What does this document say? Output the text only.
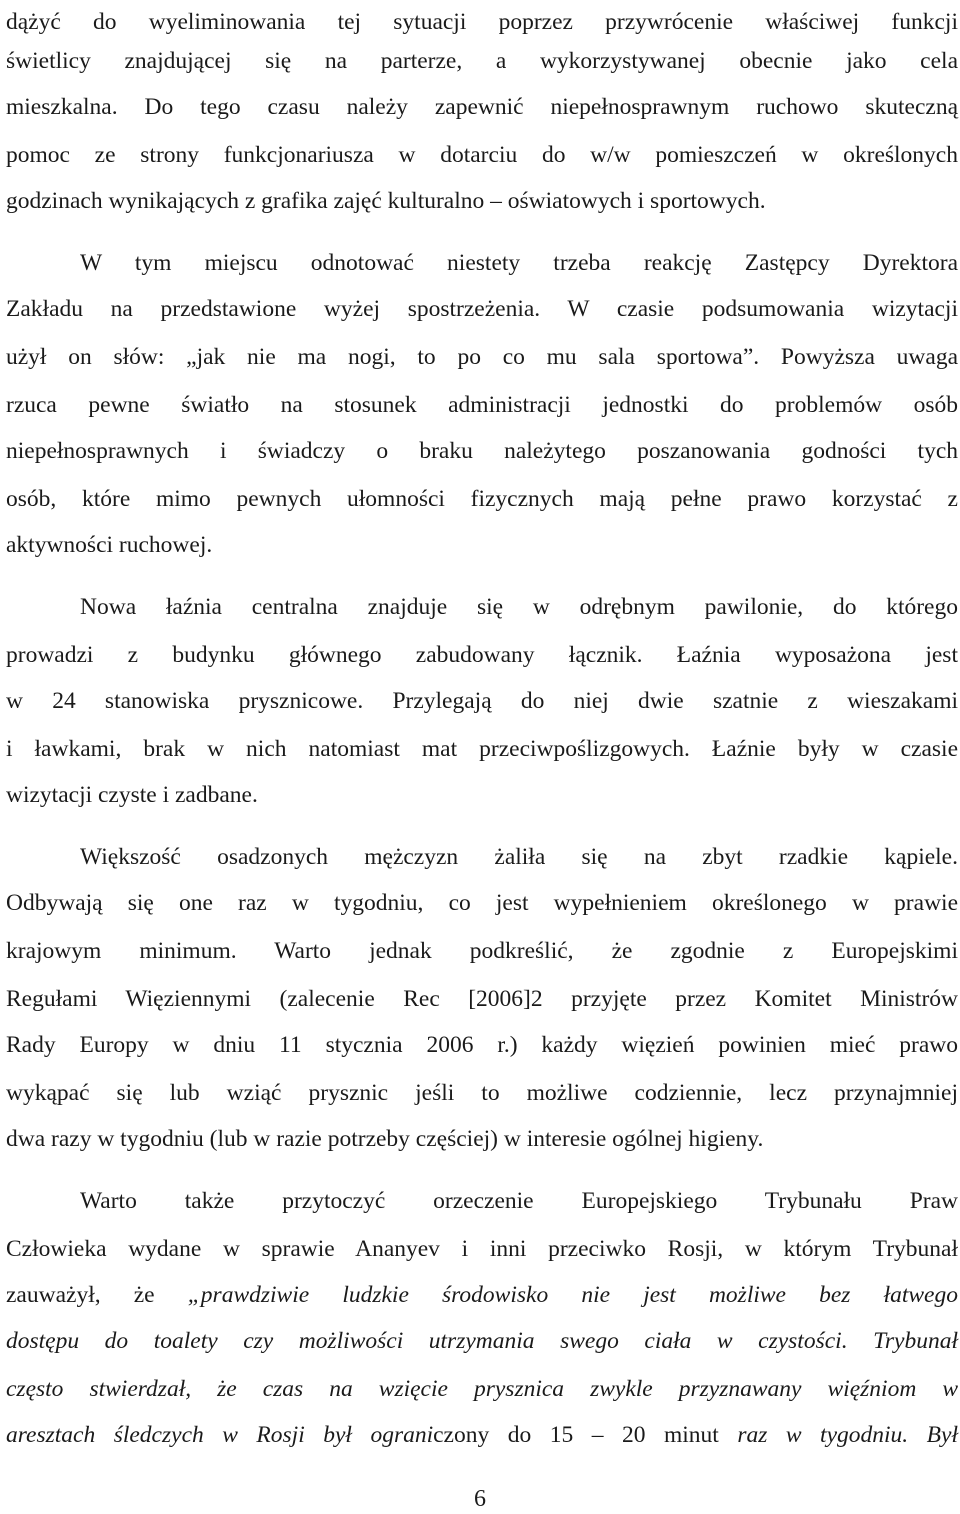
dążyć do wyeliminowania tej sytuacji poprzez przywrócenie właściwej funkcji
świetlicy znajdującej się na parterze, a wykorzystywanej obecnie jako cela
mieszkalna. Do tego czasu należy zapewnić niepełnosprawnym ruchowo skuteczną
pomoc ze strony funkcjonariusza w dotarciu do w/w pomieszczeń w określonych
godzinach wynikających z grafika zajęć kulturalno – oświatowych i sportowych.
W tym miejscu odnotować niestety trzeba reakcję Zastępcy Dyrektora
Zakładu na przedstawione wyżej spostrzeżenia. W czasie podsumowania wizytacji
użył on słów: „jak nie ma nogi, to po co mu sala sportowa”. Powyższa uwaga
rzuca pewne światło na stosunek administracji jednostki do problemów osób
niepełnosprawnych i świadczy o braku należytego poszanowania godności tych
osób, które mimo pewnych ułomności fizycznych mają pełne prawo korzystać z
aktywności ruchowej.
Nowa łaźnia centralna znajduje się w odrębnym pawilonie, do którego
prowadzi z budynku głównego zabudowany łącznik. Łaźnia wyposażona jest
w 24 stanowiska prysznicowe. Przylegają do niej dwie szatnie z wieszakami
i ławkami, brak w nich natomiast mat przeciwpoślizgowych. Łaźnie były w czasie
wizytacji czyste i zadbane.
Większość osadzonych mężczyzn żaliła się na zbyt rzadkie kąpiele.
Odbywają się one raz w tygodniu, co jest wypełnieniem określonego w prawie
krajowym minimum. Warto jednak podkreślić, że zgodnie z Europejskimi
Regułami Więziennymi (zalecenie Rec [2006]2 przyjęte przez Komitet Ministrów
Rady Europy w dniu 11 stycznia 2006 r.) każdy więzień powinien mieć prawo
wykąpać się lub wziąć prysznic jeśli to możliwe codziennie, lecz przynajmniej
dwa razy w tygodniu (lub w razie potrzeby częściej) w interesie ogólnej higieny.
Warto także przytoczyć orzeczenie Europejskiego Trybunału Praw
Człowieka wydane w sprawie Ananyev i inni przeciwko Rosji, w którym Trybunał
zauważył, że „prawdziwie ludzkie środowisko nie jest możliwe bez łatwego
dostępu do toalety czy możliwości utrzymania swego ciała w czystości. Trybunał
często stwierdzał, że czas na wzięcie prysznica zwykle przyznawany więźniom w
aresztach śledczych w Rosji był ograniczony do 15 – 20 minut raz w tygodniu. Był
6
